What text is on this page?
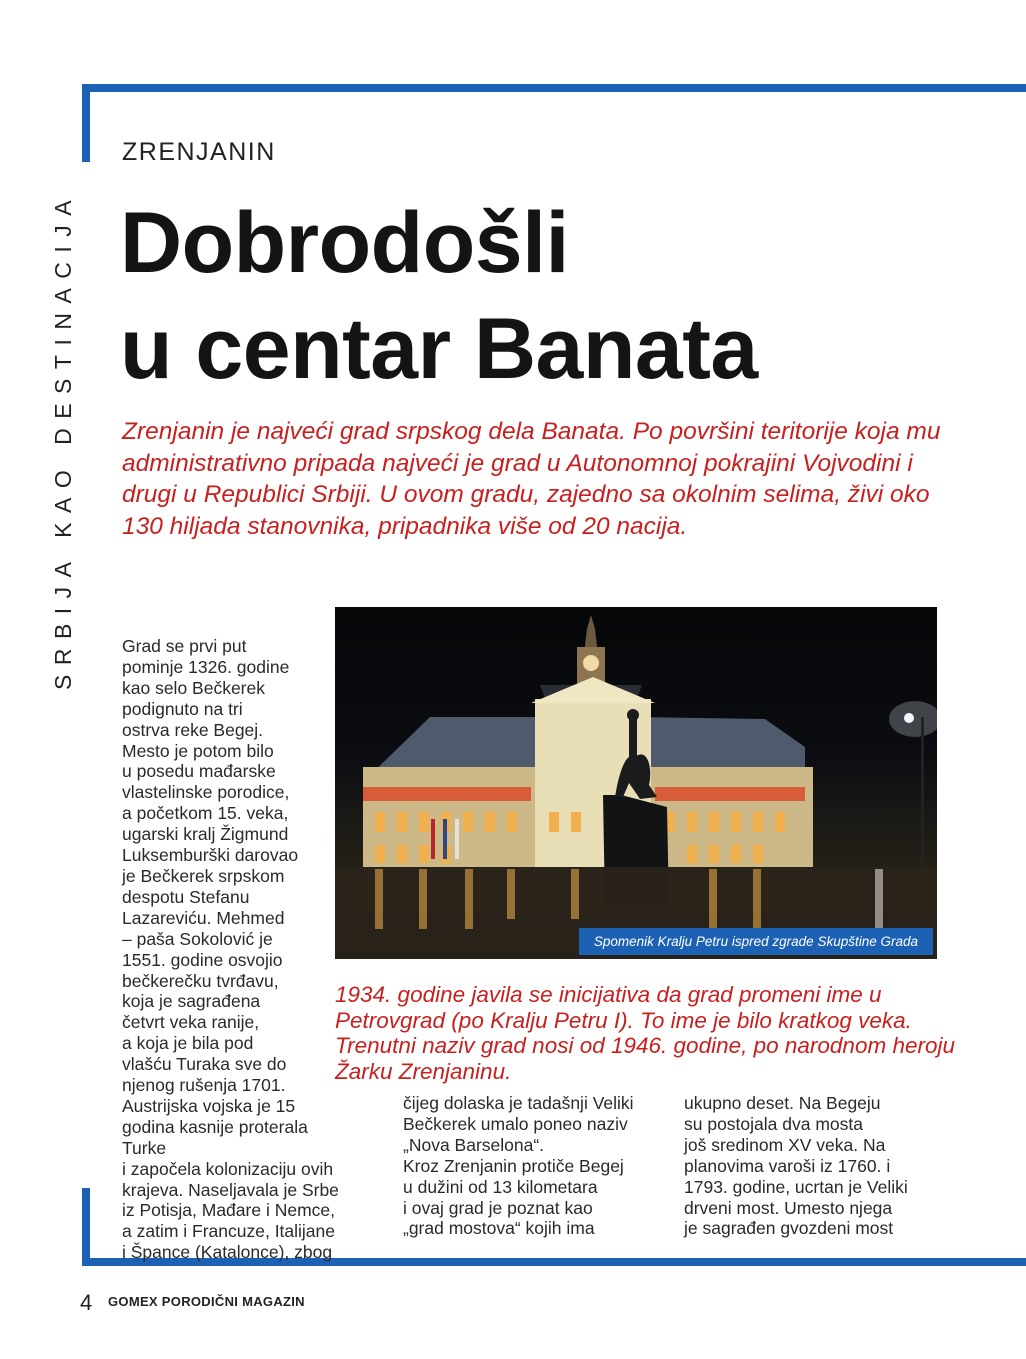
SRBIJA KAO DESTINACIJA
ZRENJANIN
Dobrodošli
u centar Banata

Zrenjanin je najveći grad srpskog dela Banata. Po površini teritorije koja mu administrativno pripada najveći je grad u Autonomnoj pokrajini Vojvodini i drugi u Republici Srbiji. U ovom gradu, zajedno sa okolnim selima, živi oko 130 hiljada stanovnika, pripadnika više od 20 nacija.

Spomenik Kralju Petru ispred zgrade Skupštine Grada

Grad se prvi put
pominje 1326. godine
kao selo Bečkerek
podignuto na tri
ostrva reke Begej.
Mesto je potom bilo
u posedu mađarske
vlastelinske porodice,
a početkom 15. veka,
ugarski kralj Žigmund
Luksemburški darovao
je Bečkerek srpskom
despotu Stefanu
Lazareviću. Mehmed
– paša Sokolović je
1551. godine osvojio
bečkerečku tvrđavu,
koja je sagrađena
četvrt veka ranije,
a koja je bila pod
vlašću Turaka sve do
njenog rušenja 1701.
Austrijska vojska je 15
godina kasnije proterala Turke
i započela kolonizaciju ovih
krajeva. Naseljavala je Srbe
iz Potisja, Mađare i Nemce,
a zatim i Francuze, Italijane
i Špance (Katalonce), zbog

1934. godine javila se inicijativa da grad promeni ime u Petrovgrad (po Kralju Petru I). To ime je bilo kratkog veka. Trenutni naziv grad nosi od 1946. godine, po narodnom heroju Žarku Zrenjaninu.

čijeg dolaska je tadašnji Veliki
Bečkerek umalo poneo naziv
„Nova Barselona“.
Kroz Zrenjanin protiče Begej
u dužini od 13 kilometara
i ovaj grad je poznat kao
„grad mostova“ kojih ima

ukupno deset. Na Begeju
su postojala dva mosta
još sredinom XV veka. Na
planovima varoši iz 1760. i
1793. godine, ucrtan je Veliki
drveni most. Umesto njega
je sagrađen gvozdeni most

4 GOMEX PORODIČNI MAGAZIN
